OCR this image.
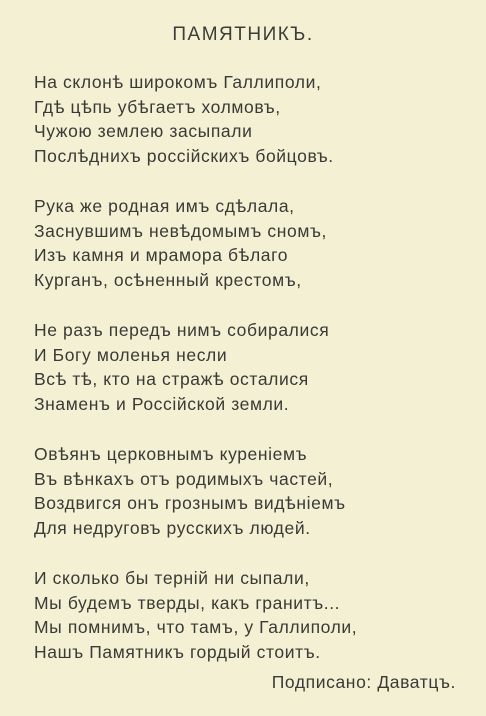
ПАМЯТНИКЪ.
На склонѣ широкомъ Галлиполи,
Гдѣ цѣпь убѣгаетъ холмовъ,
Чужою землею засыпали
Послѣднихъ россійскихъ бойцовъ.
Рука же родная имъ сдѣлала,
Заснувшимъ невѣдомымъ сномъ,
Изъ камня и мрамора бѣлаго
Курганъ, осѣненный крестомъ,
Не разъ передъ нимъ собиралися
И Богу моленья несли
Всѣ тѣ, кто на стражѣ осталися
Знаменъ и Россійской земли.
Овѣянъ церковнымъ куреніемъ
Въ вѣнкахъ отъ родимыхъ частей,
Воздвигся онъ грознымъ видѣніемъ
Для недруговъ русскихъ людей.
И сколько бы терній ни сыпали,
Мы будемъ тверды, какъ гранитъ...
Мы помнимъ, что тамъ, у Галлиполи,
Нашъ Памятникъ гордый стоитъ.
Подписано: Даватцъ.
